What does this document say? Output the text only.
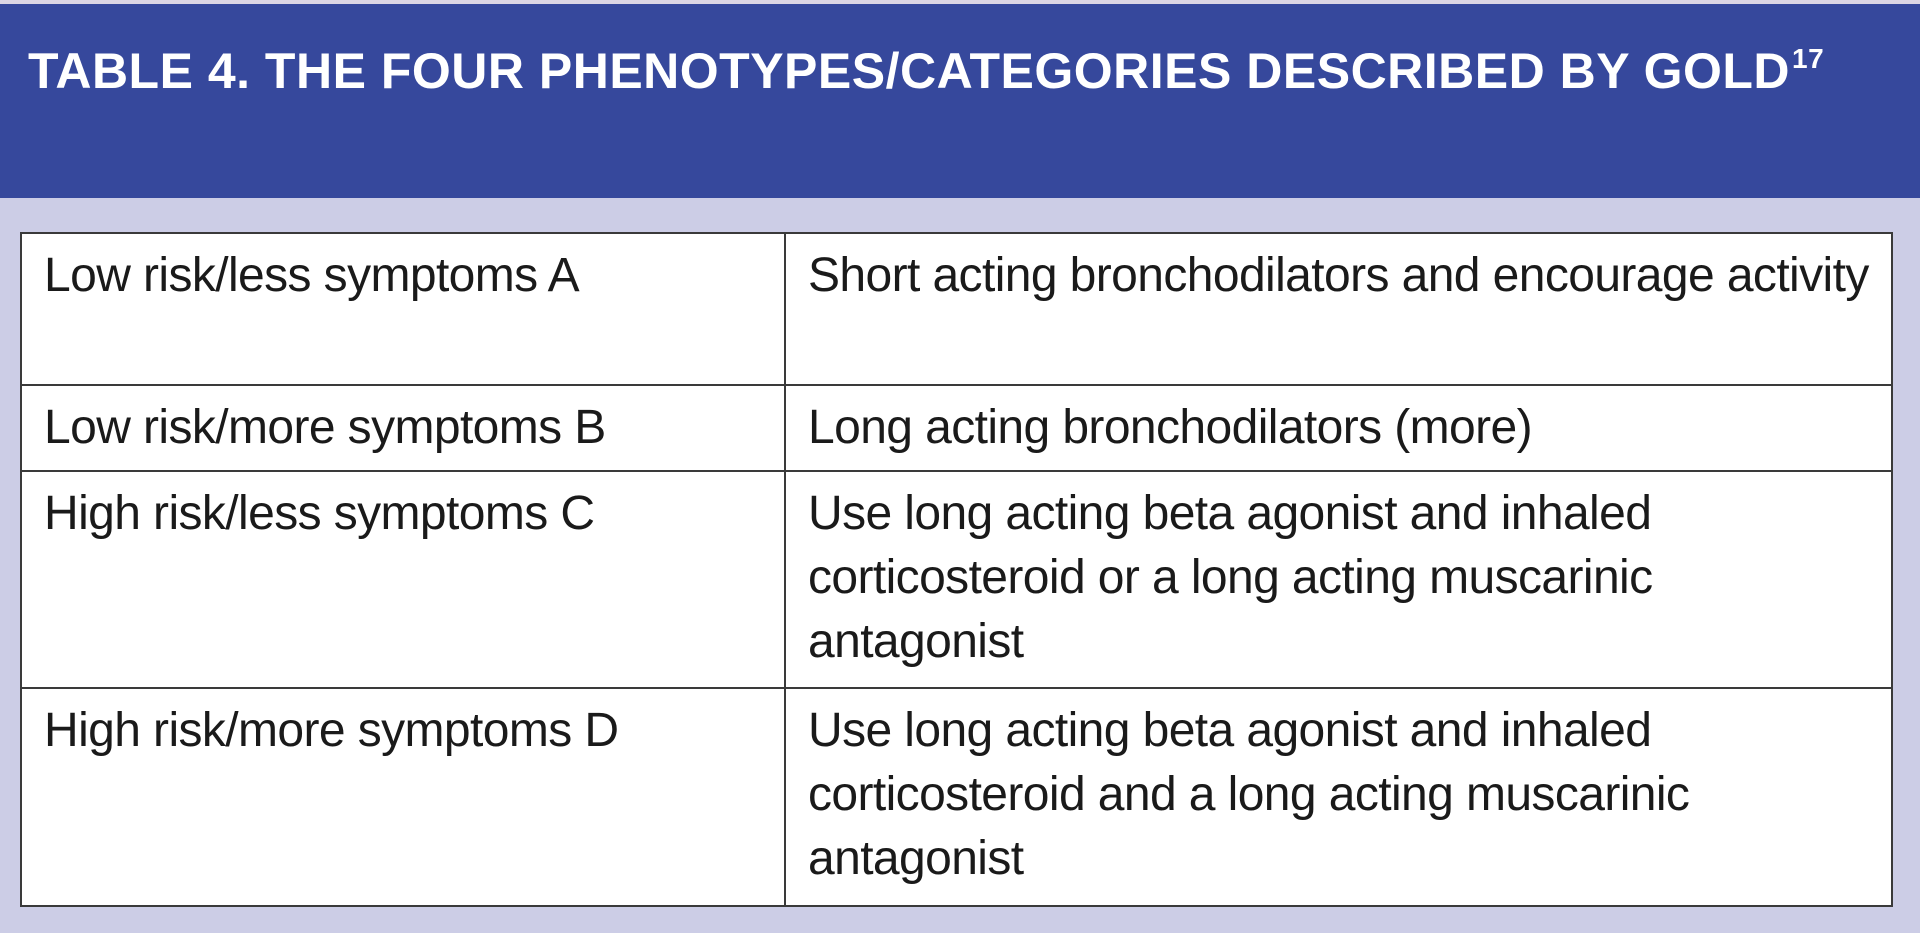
TABLE 4. THE FOUR PHENOTYPES/CATEGORIES DESCRIBED BY GOLD$^{17}$
Low risk/less symptoms A	Short acting bronchodilators and encourage activity
Low risk/more symptoms B	Long acting bronchodilators (more)
High risk/less symptoms C	Use long acting beta agonist and inhaled corticosteroid or a long acting muscarinic antagonist
High risk/more symptoms D	Use long acting beta agonist and inhaled corticosteroid and a long acting muscarinic antagonist
